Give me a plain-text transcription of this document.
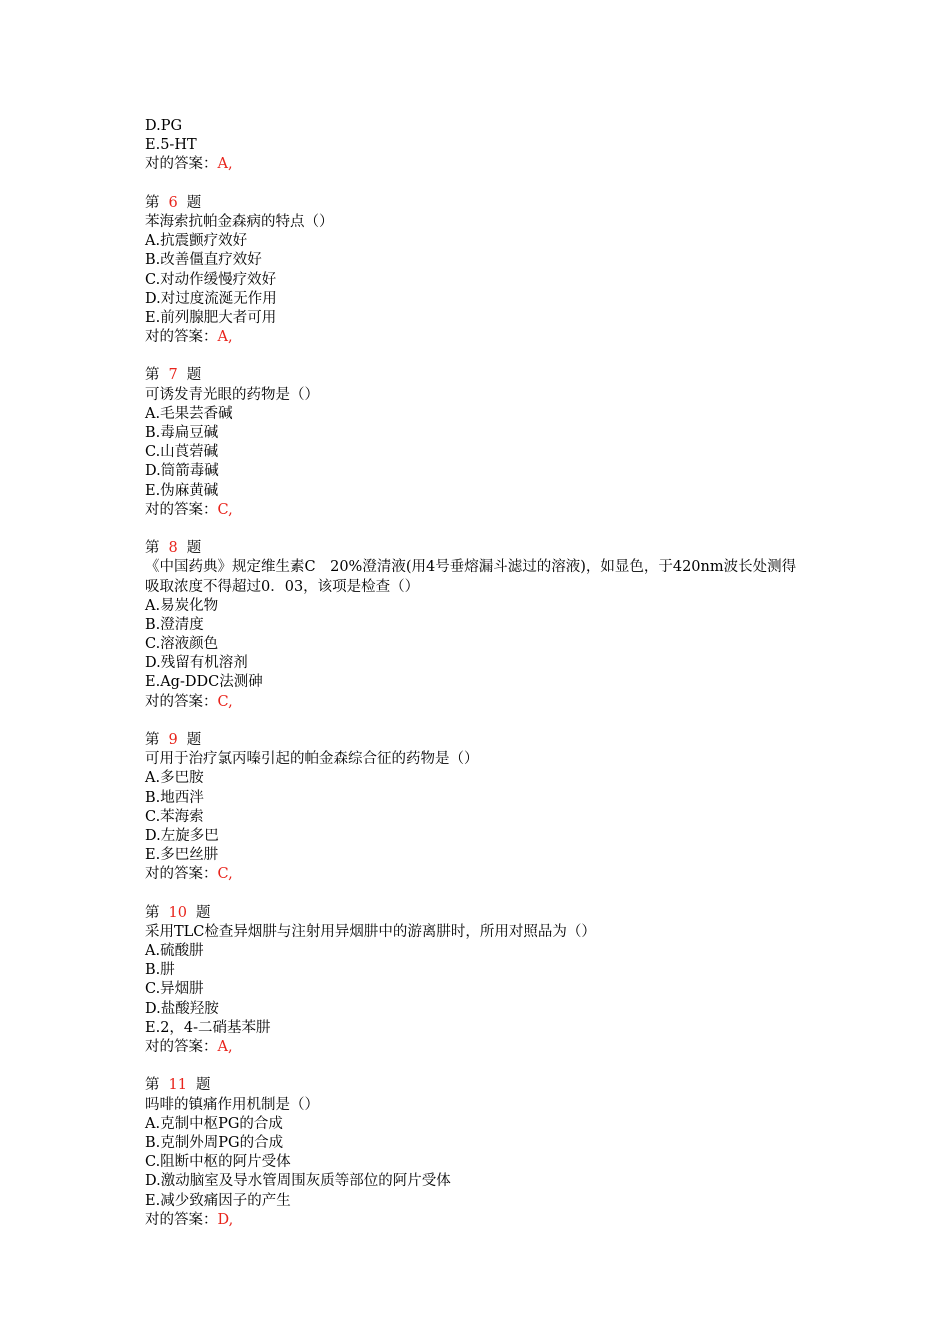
D.PG
E.5-HT
对的答案：A,
第 6 题
苯海索抗帕金森病的特点（）
A.抗震颤疗效好
B.改善僵直疗效好
C.对动作缓慢疗效好
D.对过度流涎无作用
E.前列腺肥大者可用
对的答案：A,
第 7 题
可诱发青光眼的药物是（）
A.毛果芸香碱
B.毒扁豆碱
C.山莨菪碱
D.筒箭毒碱
E.伪麻黄碱
对的答案：C,
第 8 题
《中国药典》规定维生素C　20%澄清液(用4号垂熔漏斗滤过的溶液)，如显色，于420nm波长处测得吸取浓度不得超过0．03，该项是检查（）
A.易炭化物
B.澄清度
C.溶液颜色
D.残留有机溶剂
E.Ag-DDC法测砷
对的答案：C,
第 9 题
可用于治疗氯丙嗪引起的帕金森综合征的药物是（）
A.多巴胺
B.地西泮
C.苯海索
D.左旋多巴
E.多巴丝肼
对的答案：C,
第 10 题
采用TLC检查异烟肼与注射用异烟肼中的游离肼时，所用对照品为（）
A.硫酸肼
B.肼
C.异烟肼
D.盐酸羟胺
E.2，4-二硝基苯肼
对的答案：A,
第 11 题
吗啡的镇痛作用机制是（）
A.克制中枢PG的合成
B.克制外周PG的合成
C.阻断中枢的阿片受体
D.激动脑室及导水管周围灰质等部位的阿片受体
E.减少致痛因子的产生
对的答案：D,
